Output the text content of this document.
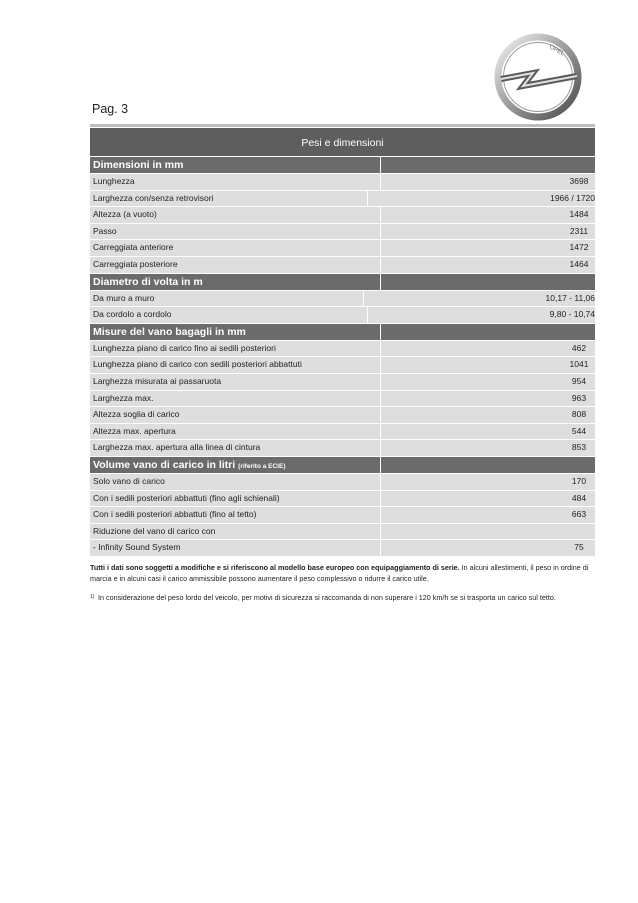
OPEL
Pag. 3
Pesi e dimensioni
Dimensioni in mm
Lunghezza	3698
Larghezza con/senza retrovisori	1966 / 1720
Altezza (a vuoto)	1484
Passo	2311
Carreggiata anteriore	1472
Carreggiata posteriore	1464
Diametro di volta in m
Da muro a muro	10,17 - 11,06
Da cordolo a cordolo	9,80 - 10,74
Misure del vano bagagli in mm
Lunghezza piano di carico fino ai sedili posteriori	462
Lunghezza piano di carico con sedili posteriori abbattuti	1041
Larghezza misurata ai passaruota	954
Larghezza max.	963
Altezza soglia di carico	808
Altezza max. apertura	544
Larghezza max. apertura alla linea di cintura	853
Volume vano di carico in litri (riferito a ECIE)
Solo vano di carico	170
Con i sedili posteriori abbattuti (fino agli schienali)	484
Con i sedili posteriori abbattuti (fino al tetto)	663
Riduzione del vano di carico con
- Infinity Sound System	75
Tutti i dati sono soggetti a modifiche e si riferiscono al modello base europeo con equipaggiamento di serie. In alcuni allestimenti, il peso in ordine di marcia e in alcuni casi il carico ammissibile possono aumentare il peso complessivo o ridurre il carico utile.
1) In considerazione del peso lordo del veicolo, per motivi di sicurezza si raccomanda di non superare i 120 km/h se si trasporta un carico sul tetto.
